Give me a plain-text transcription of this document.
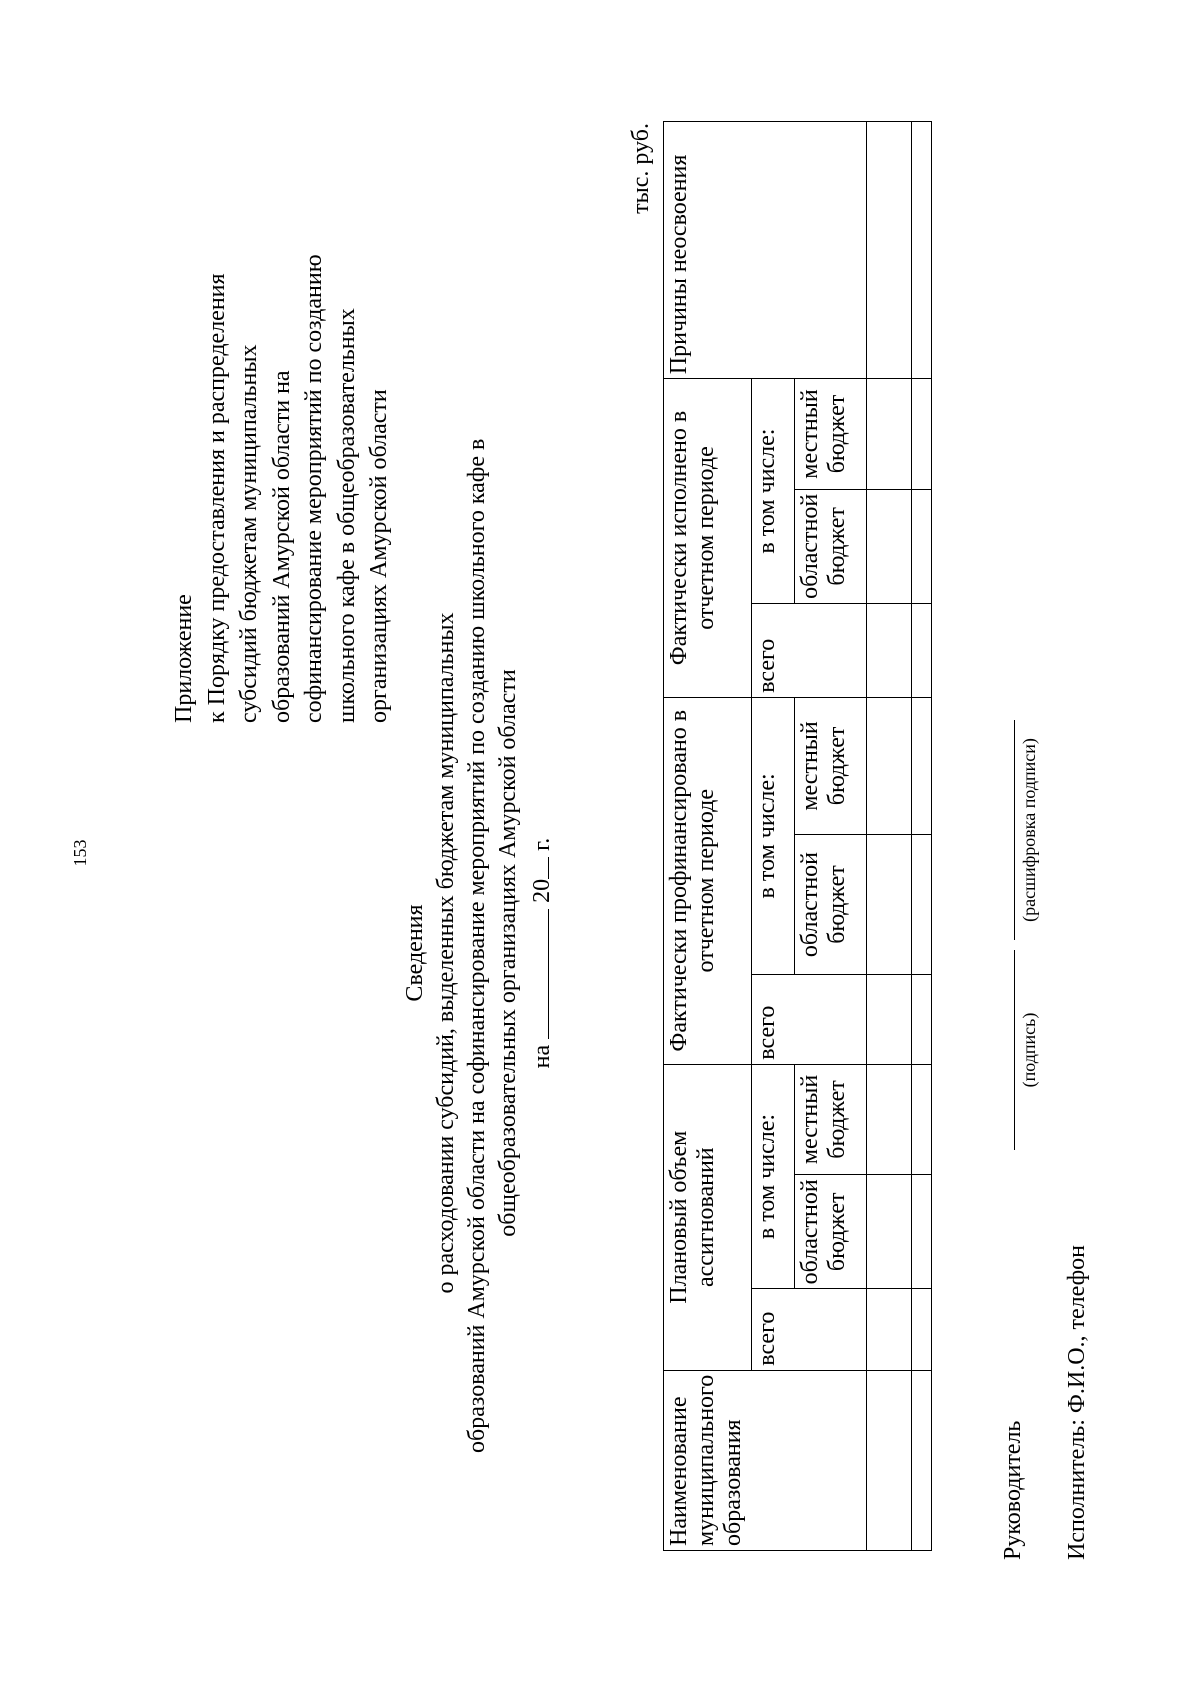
153
Приложение к Порядку предоставления и распределения субсидий бюджетам муниципальных образований Амурской области на софинансирование мероприятий по созданию школьного кафе в общеобразовательных организациях Амурской области
Сведения о расходовании субсидий, выделенных бюджетам муниципальных образований Амурской области на софинансирование мероприятий по созданию школьного кафе в общеобразовательных организациях Амурской области на  20 г.
тыс. руб.
Наименование муниципального образования	Плановый объем ассигнований			Фактически профинансировано в отчетном периоде			Фактически исполнено в отчетном периоде			Причины неосвоения
	всего	в том числе:		всего	в том числе:		всего	в том числе:		
		областной бюджет	местный бюджет		областной бюджет	местный бюджет		областной бюджет	местный бюджет	

Руководитель
(подпись)
(расшифровка подписи)
Исполнитель: Ф.И.О., телефон
